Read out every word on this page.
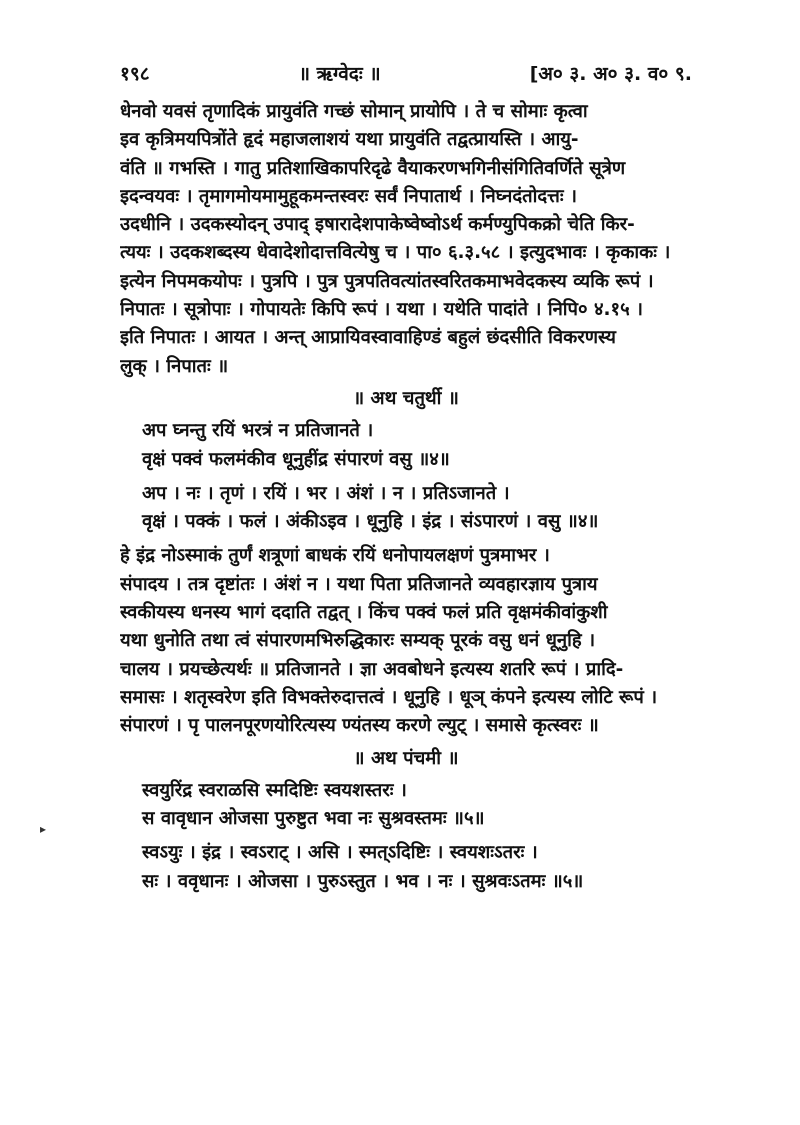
१९८	॥ ऋग्वेदः ॥	[अ० ३. अ० ३. व० ९.
▸
धेनवो यवसं तृणादिकं प्रायुवंति गच्छं सोमान् प्रायोपि । ते च सोमाः कृत्वा
इव कृत्रिमयपित्रोंते हृदं महाजलाशयं यथा प्रायुवंति तद्वत्प्रायस्ति । आयु-
वंति ॥ गभस्ति । गातु प्रतिशाखिकापरिदृढे वैयाकरणभगिनीसंगितिवर्णिते सूत्रेण
इदन्वयवः । तृमागमोयमामुहूकमन्तस्वरः सर्वं निपातार्थ । निघ्नदंतोदत्तः ।
उदधीनि । उदकस्योदन् उपाद् इषारादेशपाकेष्वेष्वोऽर्थ कर्मण्युपिकक्रो चेति किर-
त्ययः । उदकशब्दस्य धेवादेशोदात्तवित्येषु च । पा० ६.३.५८ । इत्युदभावः । कृकाकः ।
इत्येन निपमकयोपः । पुत्रपि । पुत्र पुत्रपतिवत्यांतस्वरितकमाभवेदकस्य व्यकि रूपं ।
निपातः । सूत्रोपाः । गोपायतेः किपि रूपं । यथा । यथेति पादांते । निपि० ४.१५ ।
इति निपातः । आयत । अन्त् आप्रायिवस्वावाहिण्डं बहुलं छंदसीति विकरणस्य
लुक् । निपातः ॥
॥ अथ चतुर्थी ॥
अप घ्नन्तु रयिं भरत्रं न प्रतिजानते ।
वृक्षं पक्वं फलमंकीव धूनुहींद्र संपारणं वसु ॥४॥
अप । नः । तृणं । रयिं । भर । अंशं । न । प्रतिऽजानते ।
वृक्षं । पक्कं । फलं । अंकीऽइव । धूनुहि । इंद्र । संऽपारणं । वसु ॥४॥
हे इंद्र नोऽस्माकं तुर्णं शत्रूणां बाधकं रयिं धनोपायलक्षणं पुत्रमाभर ।
संपादय । तत्र दृष्टांतः । अंशं न । यथा पिता प्रतिजानते व्यवहारज्ञाय पुत्राय
स्वकीयस्य धनस्य भागं ददाति तद्वत् । किंच पक्वं फलं प्रति वृक्षमंकीवांकुशी
यथा धुनोति तथा त्वं संपारणमभिरुद्धिकारः सम्यक् पूरकं वसु धनं धूनुहि ।
चालय । प्रयच्छेत्यर्थः ॥ प्रतिजानते । ज्ञा अवबोधने इत्यस्य शतरि रूपं । प्रादि-
समासः । शतृस्वरेण इति विभक्तेरुदात्तत्वं । धूनुहि । धूञ् कंपने इत्यस्य लोटि रूपं ।
संपारणं । पृ पालनपूरणयोरित्यस्य ण्यंतस्य करणे ल्युट् । समासे कृत्स्वरः ॥
॥ अथ पंचमी ॥
स्वयुरिंद्र स्वराळसि स्मदिष्टिः स्वयशस्तरः ।
स वावृधान ओजसा पुरुष्टुत भवा नः सुश्रवस्तमः ॥५॥
स्वऽयुः । इंद्र । स्वऽराट् । असि । स्मत्ऽदिष्टिः । स्वयशःऽतरः ।
सः । ववृधानः । ओजसा । पुरुऽस्तुत । भव । नः । सुश्रवःऽतमः ॥५॥
